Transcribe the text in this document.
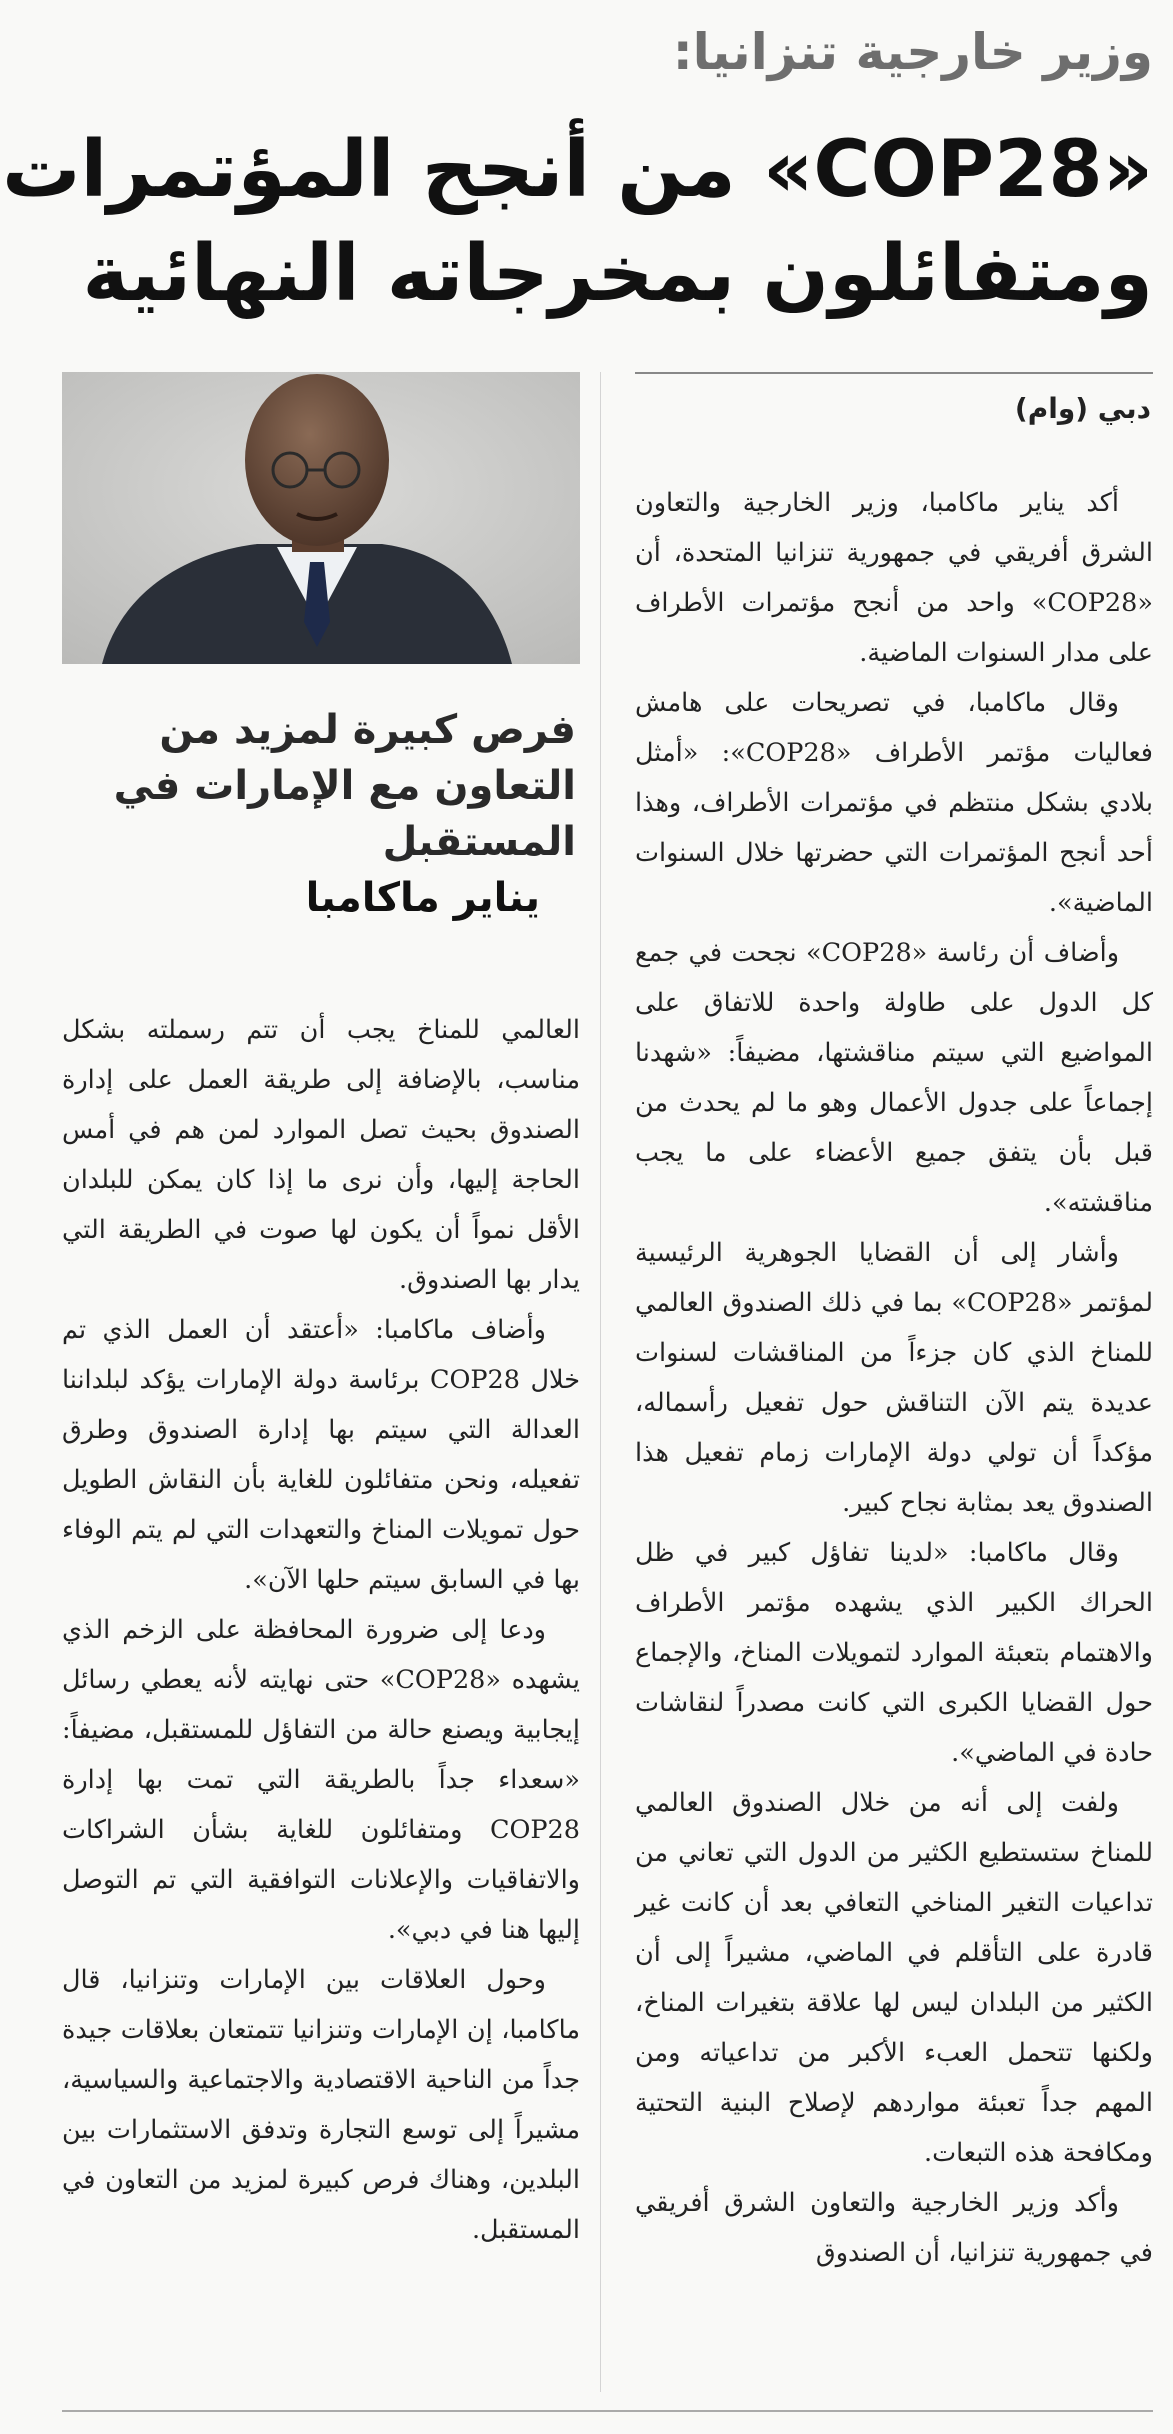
وزير خارجية تنزانيا:
«COP28» من أنجح المؤتمرات
ومتفائلون بمخرجاته النهائية
دبي (وام)

أكد يناير ماكامبا، وزير الخارجية والتعاون الشرق أفريقي في جمهورية تنزانيا المتحدة، أن «COP28» واحد من أنجح مؤتمرات الأطراف على مدار السنوات الماضية.

وقال ماكامبا، في تصريحات على هامش فعاليات مؤتمر الأطراف «COP28»: «أمثل بلادي بشكل منتظم في مؤتمرات الأطراف، وهذا أحد أنجح المؤتمرات التي حضرتها خلال السنوات الماضية».

وأضاف أن رئاسة «COP28» نجحت في جمع كل الدول على طاولة واحدة للاتفاق على المواضيع التي سيتم مناقشتها، مضيفاً: «شهدنا إجماعاً على جدول الأعمال وهو ما لم يحدث من قبل بأن يتفق جميع الأعضاء على ما يجب مناقشته».

وأشار إلى أن القضايا الجوهرية الرئيسية لمؤتمر «COP28» بما في ذلك الصندوق العالمي للمناخ الذي كان جزءاً من المناقشات لسنوات عديدة يتم الآن التناقش حول تفعيل رأسماله، مؤكداً أن تولي دولة الإمارات زمام تفعيل هذا الصندوق يعد بمثابة نجاح كبير.

وقال ماكامبا: «لدينا تفاؤل كبير في ظل الحراك الكبير الذي يشهده مؤتمر الأطراف والاهتمام بتعبئة الموارد لتمويلات المناخ، والإجماع حول القضايا الكبرى التي كانت مصدراً لنقاشات حادة في الماضي».

ولفت إلى أنه من خلال الصندوق العالمي للمناخ ستستطيع الكثير من الدول التي تعاني من تداعيات التغير المناخي التعافي بعد أن كانت غير قادرة على التأقلم في الماضي، مشيراً إلى أن الكثير من البلدان ليس لها علاقة بتغيرات المناخ، ولكنها تتحمل العبء الأكبر من تداعياته ومن المهم جداً تعبئة مواردهم لإصلاح البنية التحتية ومكافحة هذه التبعات.

وأكد وزير الخارجية والتعاون الشرق أفريقي في جمهورية تنزانيا، أن الصندوق

فرص كبيرة لمزيد من التعاون مع الإمارات في المستقبل
يناير ماكامبا

العالمي للمناخ يجب أن تتم رسملته بشكل مناسب، بالإضافة إلى طريقة العمل على إدارة الصندوق بحيث تصل الموارد لمن هم في أمس الحاجة إليها، وأن نرى ما إذا كان يمكن للبلدان الأقل نمواً أن يكون لها صوت في الطريقة التي يدار بها الصندوق.

وأضاف ماكامبا: «أعتقد أن العمل الذي تم خلال COP28 برئاسة دولة الإمارات يؤكد لبلداننا العدالة التي سيتم بها إدارة الصندوق وطرق تفعيله، ونحن متفائلون للغاية بأن النقاش الطويل حول تمويلات المناخ والتعهدات التي لم يتم الوفاء بها في السابق سيتم حلها الآن».

ودعا إلى ضرورة المحافظة على الزخم الذي يشهده «COP28» حتى نهايته لأنه يعطي رسائل إيجابية ويصنع حالة من التفاؤل للمستقبل، مضيفاً: «سعداء جداً بالطريقة التي تمت بها إدارة COP28 ومتفائلون للغاية بشأن الشراكات والاتفاقيات والإعلانات التوافقية التي تم التوصل إليها هنا في دبي».

وحول العلاقات بين الإمارات وتنزانيا، قال ماكامبا، إن الإمارات وتنزانيا تتمتعان بعلاقات جيدة جداً من الناحية الاقتصادية والاجتماعية والسياسية، مشيراً إلى توسع التجارة وتدفق الاستثمارات بين البلدين، وهناك فرص كبيرة لمزيد من التعاون في المستقبل.
